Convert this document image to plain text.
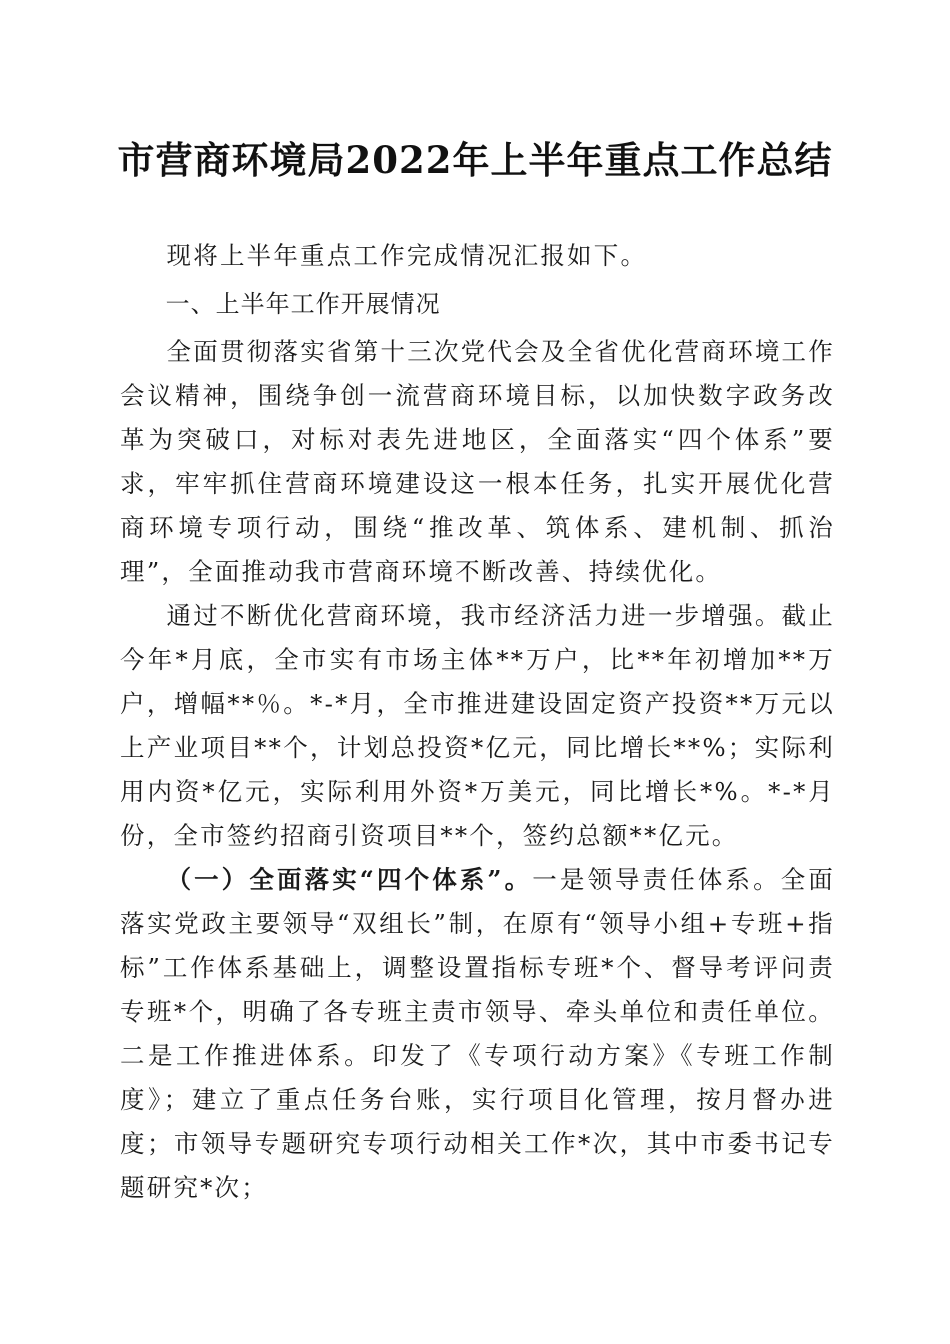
市营商环境局2022年上半年重点工作总结

现将上半年重点工作完成情况汇报如下。

一、上半年工作开展情况

全面贯彻落实省第十三次党代会及全省优化营商环境工作会议精神，围绕争创一流营商环境目标，以加快数字政务改革为突破口，对标对表先进地区，全面落实“四个体系”要求，牢牢抓住营商环境建设这一根本任务，扎实开展优化营商环境专项行动，围绕“推改革、筑体系、建机制、抓治理”，全面推动我市营商环境不断改善、持续优化。

通过不断优化营商环境，我市经济活力进一步增强。截止今年*月底，全市实有市场主体**万户，比**年初增加**万户，增幅**％。*-*月，全市推进建设固定资产投资**万元以上产业项目**个，计划总投资*亿元，同比增长**%；实际利用内资*亿元，实际利用外资*万美元，同比增长*%。*-*月份，全市签约招商引资项目**个，签约总额**亿元。

（一）全面落实“四个体系”。一是领导责任体系。全面落实党政主要领导“双组长”制，在原有“领导小组+专班+指标”工作体系基础上，调整设置指标专班*个、督导考评问责专班*个，明确了各专班主责市领导、牵头单位和责任单位。二是工作推进体系。印发了《专项行动方案》《专班工作制度》；建立了重点任务台账，实行项目化管理，按月督办进度；市领导专题研究专项行动相关工作*次，其中市委书记专题研究*次；
